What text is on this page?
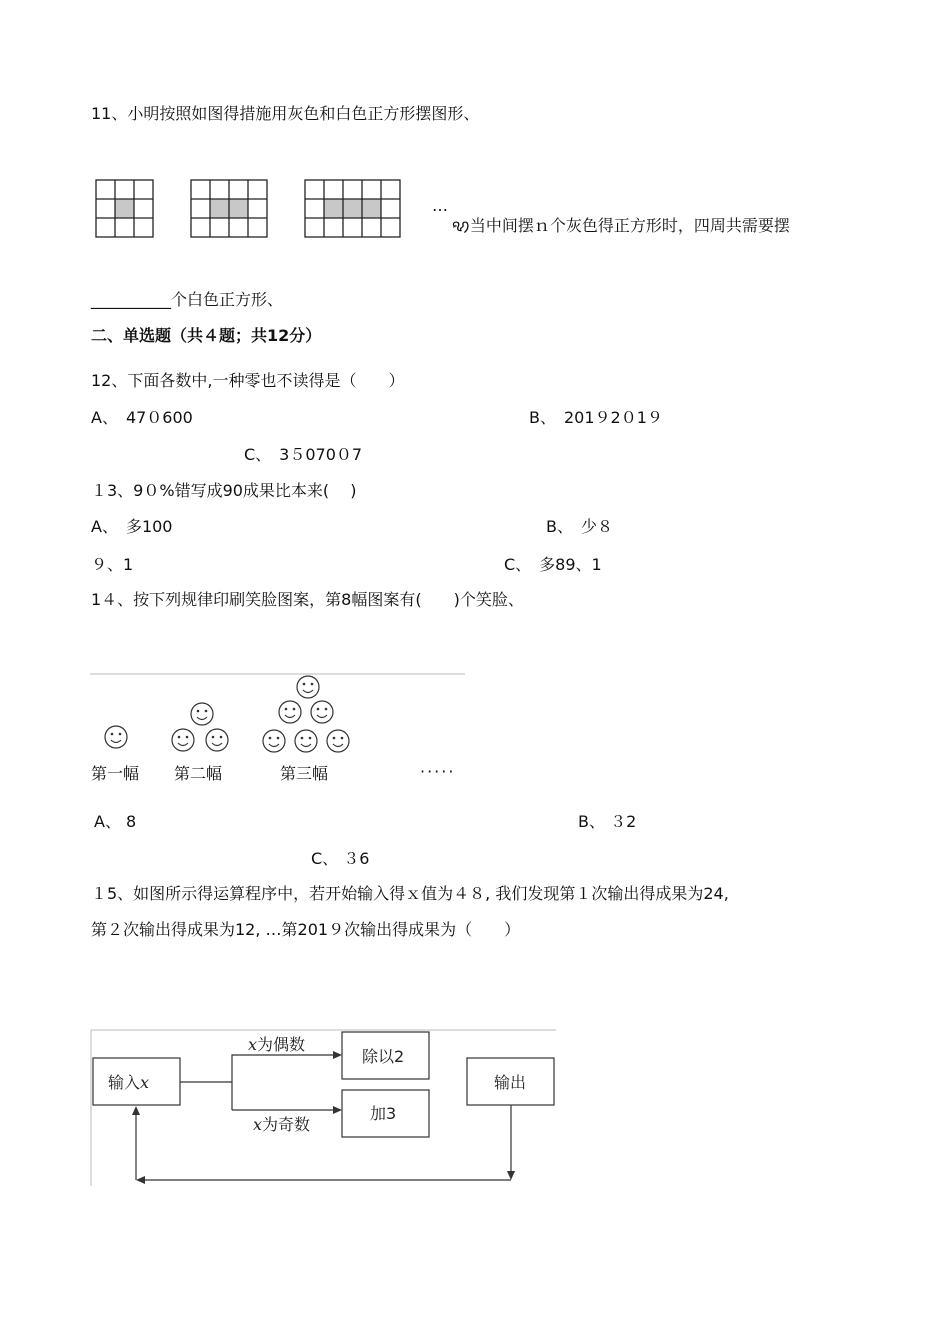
11、小明按照如图得措施用灰色和白色正方形摆图形、
…
ꩋ当中间摆ｎ个灰色得正方形时，四周共需要摆
__________个白色正方形、
二、单选题（共４题；共12分）
12、下面各数中,一种零也不读得是（　　）
A、　47０600	B、　201９2０1９
C、　3５070０7
１3、9０%错写成90成果比本来(　 )
A、　多100	B、　少８
９、1	C、　多89、1
1４、按下列规律印刷笑脸图案，第8幅图案有(　　)个笑脸、
第一幅 第二幅	第三幅	·····
A、 8	B、 ３2
C、 ３6
１5、如图所示得运算程序中，若开始输入得ｘ值为４８, 我们发现第１次输出得成果为24,
第２次输出得成果为12, …第201９次输出得成果为（　　）
输入x
除以2
加3
输出
x为偶数
x为奇数
